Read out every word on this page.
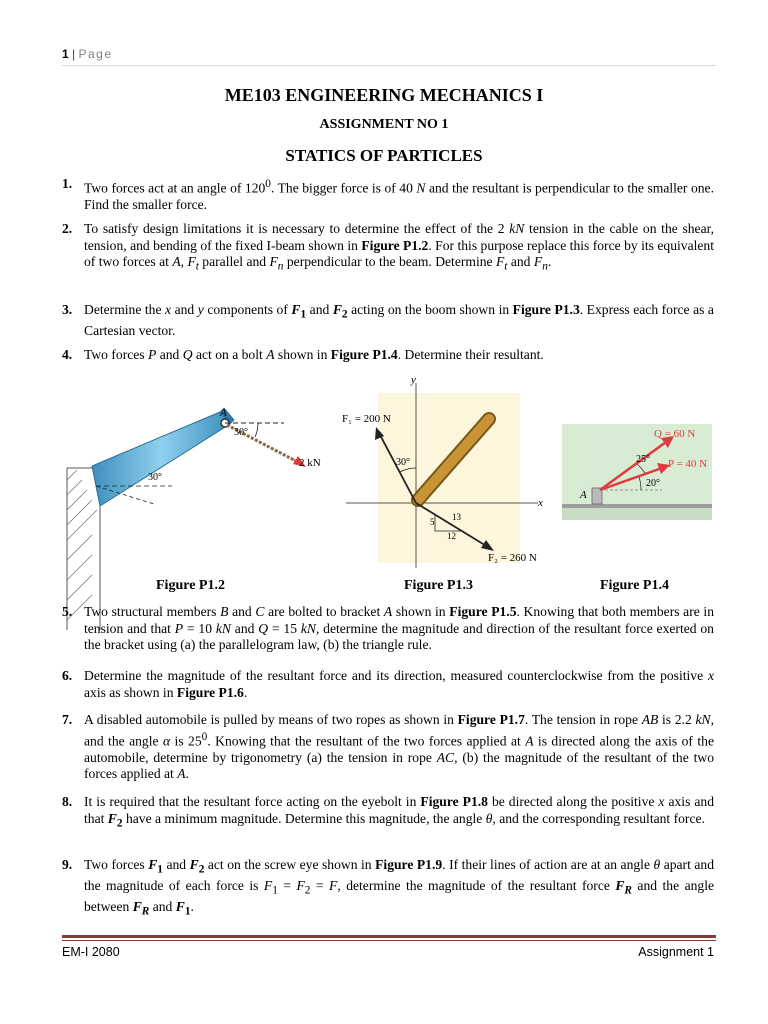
1 | Page
ME103 ENGINEERING MECHANICS I
ASSIGNMENT NO 1
STATICS OF PARTICLES
1. Two forces act at an angle of $120^0$. The bigger force is of 40 N and the resultant is perpendicular to the smaller one. Find the smaller force.
2. To satisfy design limitations it is necessary to determine the effect of the 2 kN tension in the cable on the shear, tension, and bending of the fixed I-beam shown in Figure P1.2. For this purpose replace this force by its equivalent of two forces at A, $F_t$ parallel and $F_n$ perpendicular to the beam. Determine $F_t$ and $F_n$.
3. Determine the x and y components of $F_1$ and $F_2$ acting on the boom shown in Figure P1.3. Express each force as a Cartesian vector.
4. Two forces P and Q act on a bolt A shown in Figure P1.4. Determine their resultant.
A
30°
2 kN
30°
y
x
F₁ = 200 N
30°
F₂ = 260 N
13
5
12
Q = 60 N
P = 40 N
25°
20°
A
Figure P1.2	Figure P1.3	Figure P1.4
5. Two structural members B and C are bolted to bracket A shown in Figure P1.5. Knowing that both members are in tension and that P = 10 kN and Q = 15 kN, determine the magnitude and direction of the resultant force exerted on the bracket using (a) the parallelogram law, (b) the triangle rule.
6. Determine the magnitude of the resultant force and its direction, measured counterclockwise from the positive x axis as shown in Figure P1.6.
7. A disabled automobile is pulled by means of two ropes as shown in Figure P1.7. The tension in rope AB is 2.2 kN, and the angle α is $25^0$. Knowing that the resultant of the two forces applied at A is directed along the axis of the automobile, determine by trigonometry (a) the tension in rope AC, (b) the magnitude of the resultant of the two forces applied at A.
8. It is required that the resultant force acting on the eyebolt in Figure P1.8 be directed along the positive x axis and that $F_2$ have a minimum magnitude. Determine this magnitude, the angle θ, and the corresponding resultant force.
9. Two forces $F_1$ and $F_2$ act on the screw eye shown in Figure P1.9. If their lines of action are at an angle θ apart and the magnitude of each force is $F_1 = F_2 = F$, determine the magnitude of the resultant force $F_R$ and the angle between $F_R$ and $F_1$.
EM-I 2080	Assignment 1
